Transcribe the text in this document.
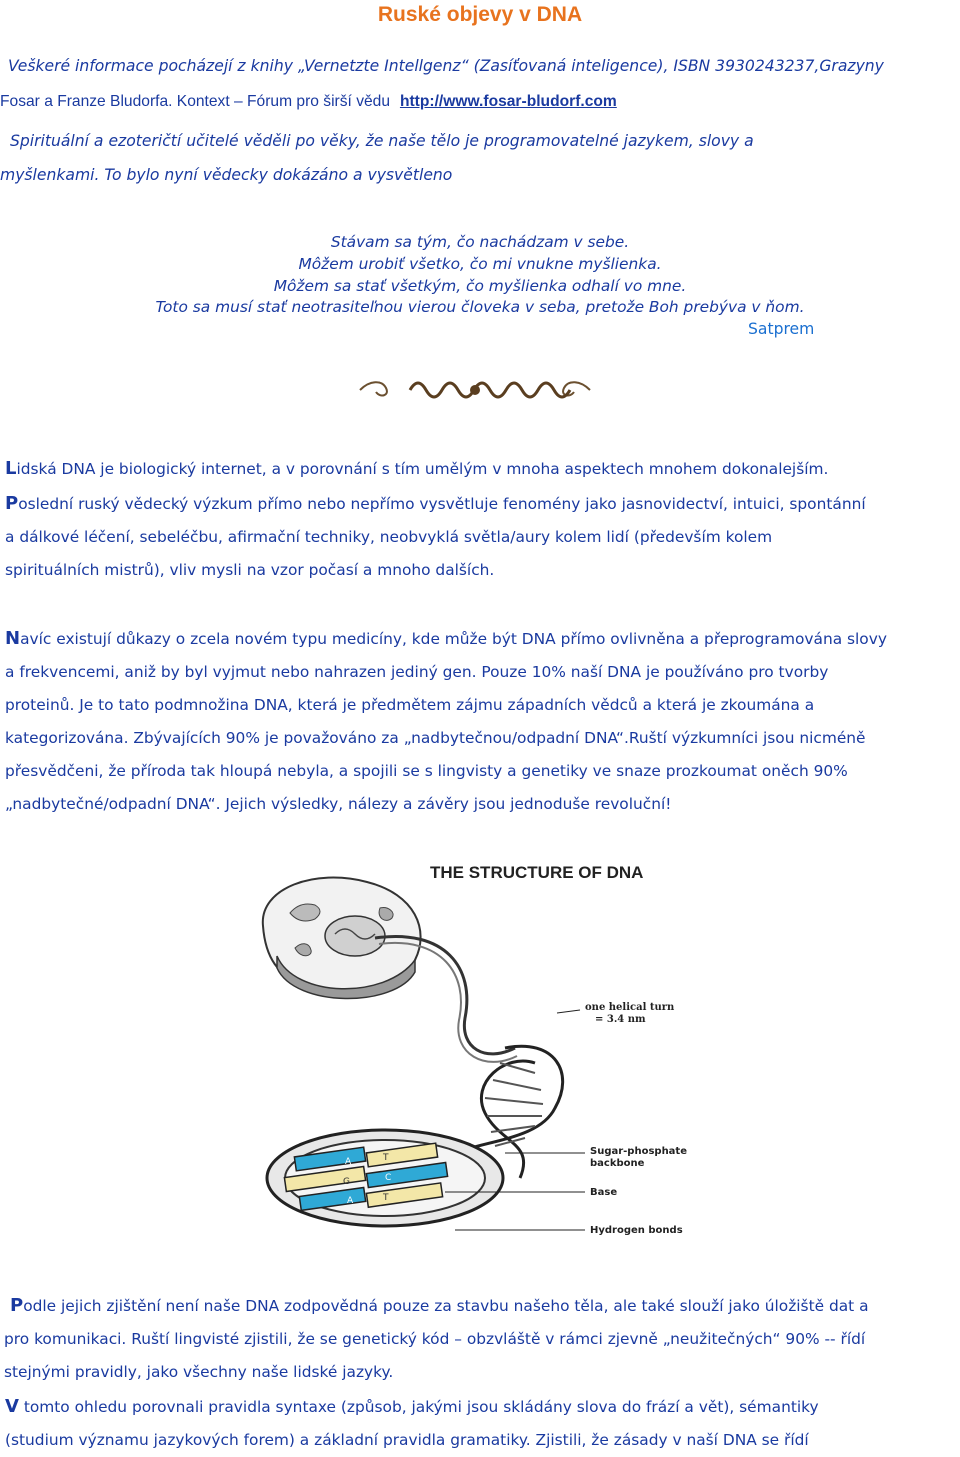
Ruské objevy v DNA
Veškeré informace pocházejí z knihy „Vernetzte Intellgenz“ (Zasíťovaná inteligence), ISBN 3930243237,Grazyny
Fosar a Franze Bludorfa. Kontext – Fórum pro širší vědu http://www.fosar-bludorf.com
Spirituální a ezoteričtí učitelé věděli po věky, že naše tělo je programovatelné jazykem, slovy a
myšlenkami. To bylo nyní vědecky dokázáno a vysvětleno
Stávam sa tým, čo nachádzam v sebe.
Môžem urobiť všetko, čo mi vnukne myšlienka.
Môžem sa stať všetkým, čo myšlienka odhalí vo mne.
Toto sa musí stať neotrasiteľnou vierou človeka v seba, pretože Boh prebýva v ňom.
Satprem
Lidská DNA je biologický internet, a v porovnání s tím umělým v mnoha aspektech mnohem dokonalejším.
Poslední ruský vědecký výzkum přímo nebo nepřímo vysvětluje fenomény jako jasnovidectví, intuici, spontánní
a dálkové léčení, sebeléčbu, afirmační techniky, neobvyklá světla/aury kolem lidí (především kolem
spirituálních mistrů), vliv mysli na vzor počasí a mnoho dalších.
Navíc existují důkazy o zcela novém typu medicíny, kde může být DNA přímo ovlivněna a přeprogramována slovy
a frekvencemi, aniž by byl vyjmut nebo nahrazen jediný gen. Pouze 10% naší DNA je používáno pro tvorby
proteinů. Je to tato podmnožina DNA, která je předmětem zájmu západních vědců a která je zkoumána a
kategorizována. Zbývajících 90% je považováno za „nadbytečnou/odpadní DNA“.Ruští výzkumníci jsou nicméně
přesvědčeni, že příroda tak hloupá nebyla, a spojili se s lingvisty a genetiky ve snaze prozkoumat oněch 90%
„nadbytečné/odpadní DNA“. Jejich výsledky, nálezy a závěry jsou jednoduše revoluční!
THE STRUCTURE OF DNA
A	T
G	C
A	T
one helical turn
= 3.4 nm
Sugar-phosphate
backbone
Base
Hydrogen bonds
Podle jejich zjištění není naše DNA zodpovědná pouze za stavbu našeho těla, ale také slouží jako úložiště dat a
pro komunikaci. Ruští lingvisté zjistili, že se genetický kód – obzvláště v rámci zjevně „neužitečných“ 90% -- řídí
stejnými pravidly, jako všechny naše lidské jazyky.
V tomto ohledu porovnali pravidla syntaxe (způsob, jakými jsou skládány slova do frází a vět), sémantiky
(studium významu jazykových forem) a základní pravidla gramatiky. Zjistili, že zásady v naší DNA se řídí
